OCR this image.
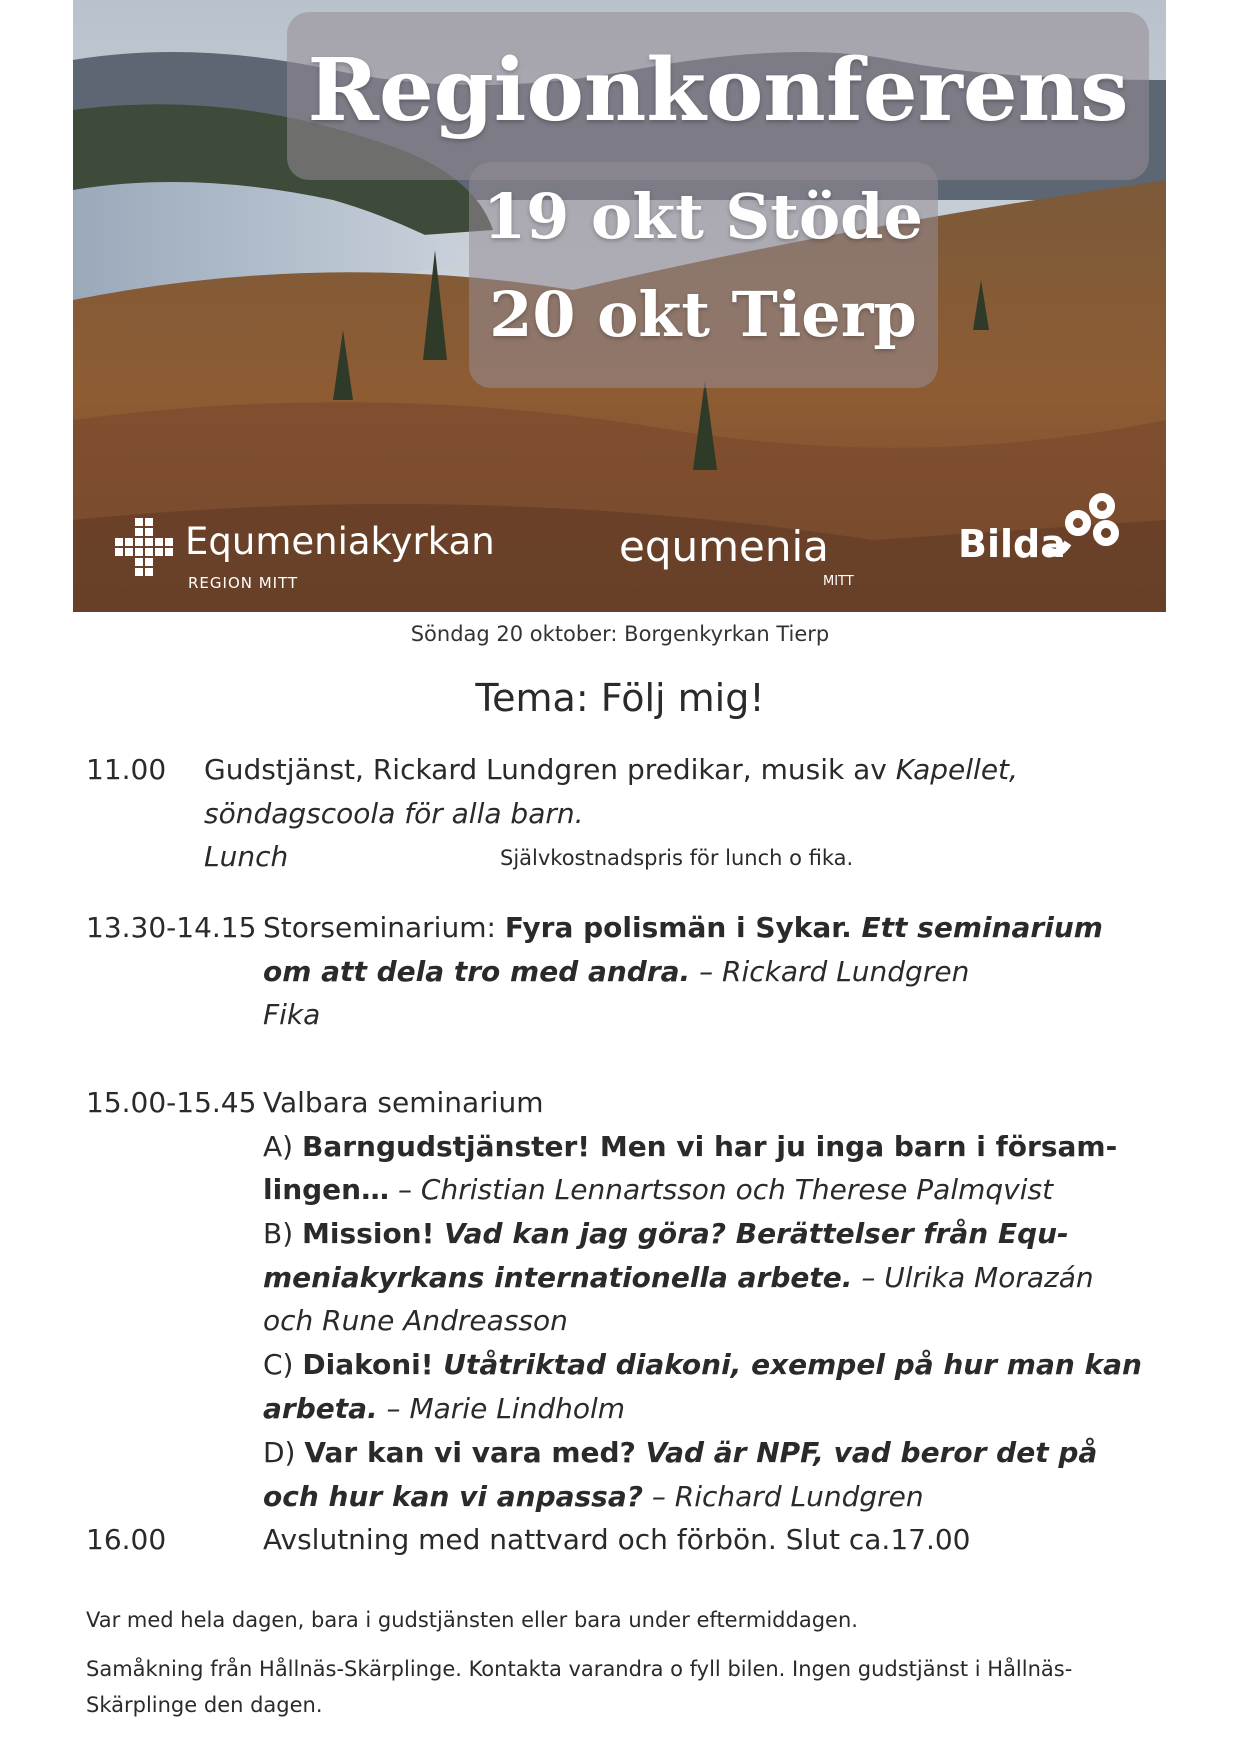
Regionkonferens
19 okt Stöde
20 okt Tierp
Equmeniakyrkan
REGION MITT
equmenia
MITT
Bilda
Söndag 20 oktober: Borgenkyrkan Tierp
Tema: Följ mig!
11.00 Gudstjänst, Rickard Lundgren predikar, musik av Kapellet,
söndagscoola för alla barn.
Lunch	Självkostnadspris för lunch o fika.
13.30-14.15 Storseminarium: Fyra polismän i Sykar. Ett seminarium
om att dela tro med andra. – Rickard Lundgren
Fika
15.00-15.45 Valbara seminarium
A) Barngudstjänster! Men vi har ju inga barn i försam-
lingen… – Christian Lennartsson och Therese Palmqvist
B) Mission! Vad kan jag göra? Berättelser från Equ-
meniakyrkans internationella arbete. – Ulrika Morazán
och Rune Andreasson
C) Diakoni! Utåtriktad diakoni, exempel på hur man kan
arbeta. – Marie Lindholm
D) Var kan vi vara med? Vad är NPF, vad beror det på
och hur kan vi anpassa? – Richard Lundgren
16.00	Avslutning med nattvard och förbön. Slut ca.17.00
Var med hela dagen, bara i gudstjänsten eller bara under eftermiddagen.
Samåkning från Hållnäs-Skärplinge. Kontakta varandra o fyll bilen. Ingen gudstjänst i Hållnäs-
Skärplinge den dagen.
